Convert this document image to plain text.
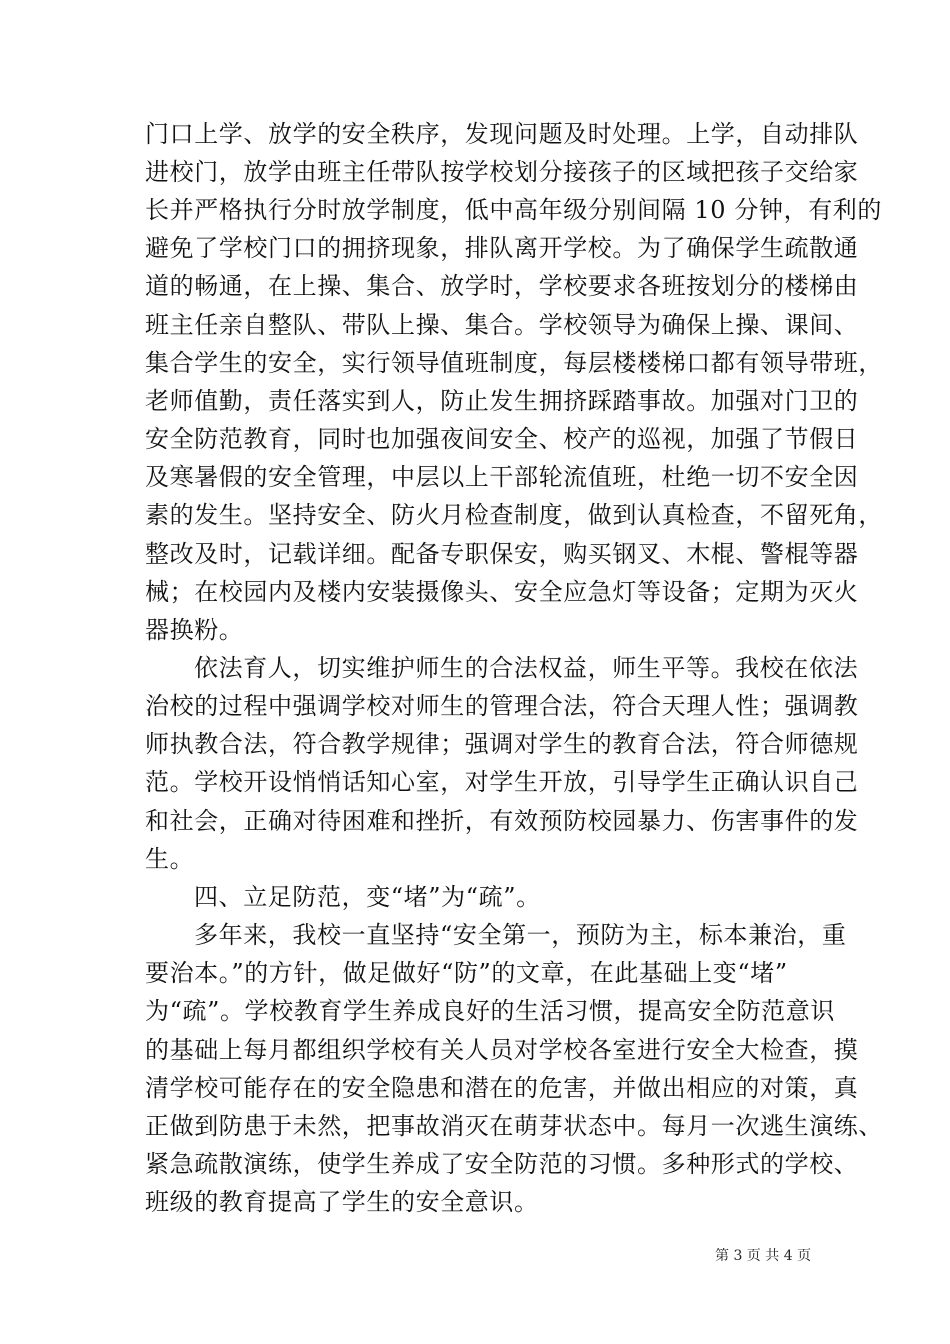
门口上学、放学的安全秩序，发现问题及时处理。上学，自动排队
进校门，放学由班主任带队按学校划分接孩子的区域把孩子交给家
长并严格执行分时放学制度，低中高年级分别间隔 10 分钟，有利的
避免了学校门口的拥挤现象，排队离开学校。为了确保学生疏散通
道的畅通，在上操、集合、放学时，学校要求各班按划分的楼梯由
班主任亲自整队、带队上操、集合。学校领导为确保上操、课间、
集合学生的安全，实行领导值班制度，每层楼楼梯口都有领导带班，
老师值勤，责任落实到人，防止发生拥挤踩踏事故。加强对门卫的
安全防范教育，同时也加强夜间安全、校产的巡视，加强了节假日
及寒暑假的安全管理，中层以上干部轮流值班，杜绝一切不安全因
素的发生。坚持安全、防火月检查制度，做到认真检查，不留死角，
整改及时，记载详细。配备专职保安，购买钢叉、木棍、警棍等器
械；在校园内及楼内安装摄像头、安全应急灯等设备；定期为灭火
器换粉。
依法育人，切实维护师生的合法权益，师生平等。我校在依法
治校的过程中强调学校对师生的管理合法，符合天理人性；强调教
师执教合法，符合教学规律；强调对学生的教育合法，符合师德规
范。学校开设悄悄话知心室，对学生开放，引导学生正确认识自己
和社会，正确对待困难和挫折，有效预防校园暴力、伤害事件的发
生。
四、立足防范，变“堵”为“疏”。
多年来，我校一直坚持“安全第一，预防为主，标本兼治，重
要治本。”的方针，做足做好“防”的文章，在此基础上变“堵”
为“疏”。学校教育学生养成良好的生活习惯，提高安全防范意识
的基础上每月都组织学校有关人员对学校各室进行安全大检查，摸
清学校可能存在的安全隐患和潜在的危害，并做出相应的对策，真
正做到防患于未然，把事故消灭在萌芽状态中。每月一次逃生演练、
紧急疏散演练，使学生养成了安全防范的习惯。多种形式的学校、
班级的教育提高了学生的安全意识。
第 3 页 共 4 页
